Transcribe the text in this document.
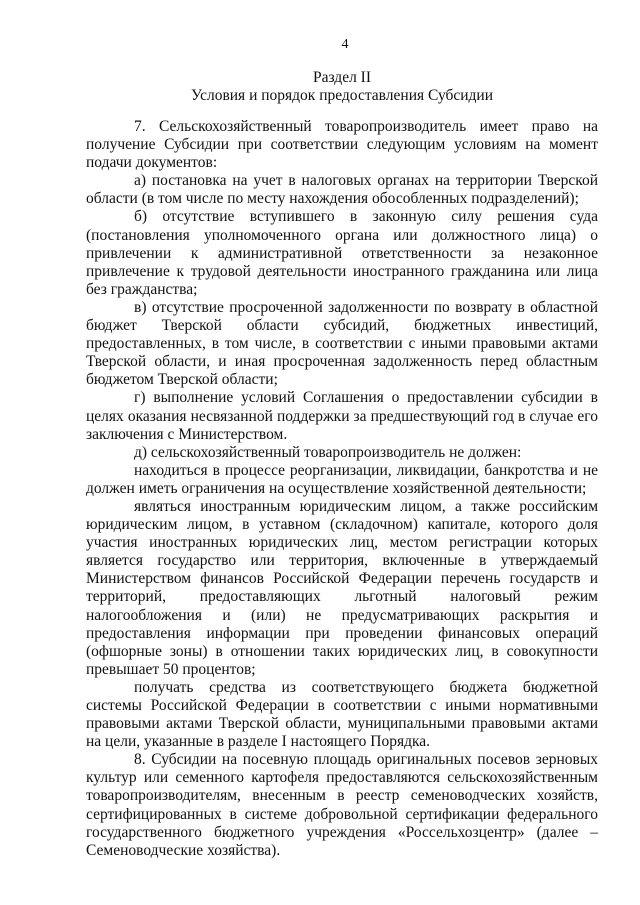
4
Раздел II
Условия и порядок предоставления Субсидии

7. Сельскохозяйственный товаропроизводитель имеет право на получение Субсидии при соответствии следующим условиям на момент подачи документов:

а) постановка на учет в налоговых органах на территории Тверской области (в том числе по месту нахождения обособленных подразделений);

б) отсутствие вступившего в законную силу решения суда (постановления уполномоченного органа или должностного лица) о привлечении к административной ответственности за незаконное привлечение к трудовой деятельности иностранного гражданина или лица без гражданства;

в) отсутствие просроченной задолженности по возврату в областной бюджет Тверской области субсидий, бюджетных инвестиций, предоставленных, в том числе, в соответствии с иными правовыми актами Тверской области, и иная просроченная задолженность перед областным бюджетом Тверской области;

г) выполнение условий Соглашения о предоставлении субсидии в целях оказания несвязанной поддержки за предшествующий год в случае его заключения с Министерством.

д) сельскохозяйственный товаропроизводитель не должен:

находиться в процессе реорганизации, ликвидации, банкротства и не должен иметь ограничения на осуществление хозяйственной деятельности;

являться иностранным юридическим лицом, а также российским юридическим лицом, в уставном (складочном) капитале, которого доля участия иностранных юридических лиц, местом регистрации которых является государство или территория, включенные в утверждаемый Министерством финансов Российской Федерации перечень государств и территорий, предоставляющих льготный налоговый режим налогообложения и (или) не предусматривающих раскрытия и предоставления информации при проведении финансовых операций (офшорные зоны) в отношении таких юридических лиц, в совокупности превышает 50 процентов;

получать средства из соответствующего бюджета бюджетной системы Российской Федерации в соответствии с иными нормативными правовыми актами Тверской области, муниципальными правовыми актами на цели, указанные в разделе I настоящего Порядка.

8. Субсидии на посевную площадь оригинальных посевов зерновых культур или семенного картофеля предоставляются сельскохозяйственным товаропроизводителям, внесенным в реестр семеноводческих хозяйств, сертифицированных в системе добровольной сертификации федерального государственного бюджетного учреждения «Россельхозцентр» (далее – Семеноводческие хозяйства).
